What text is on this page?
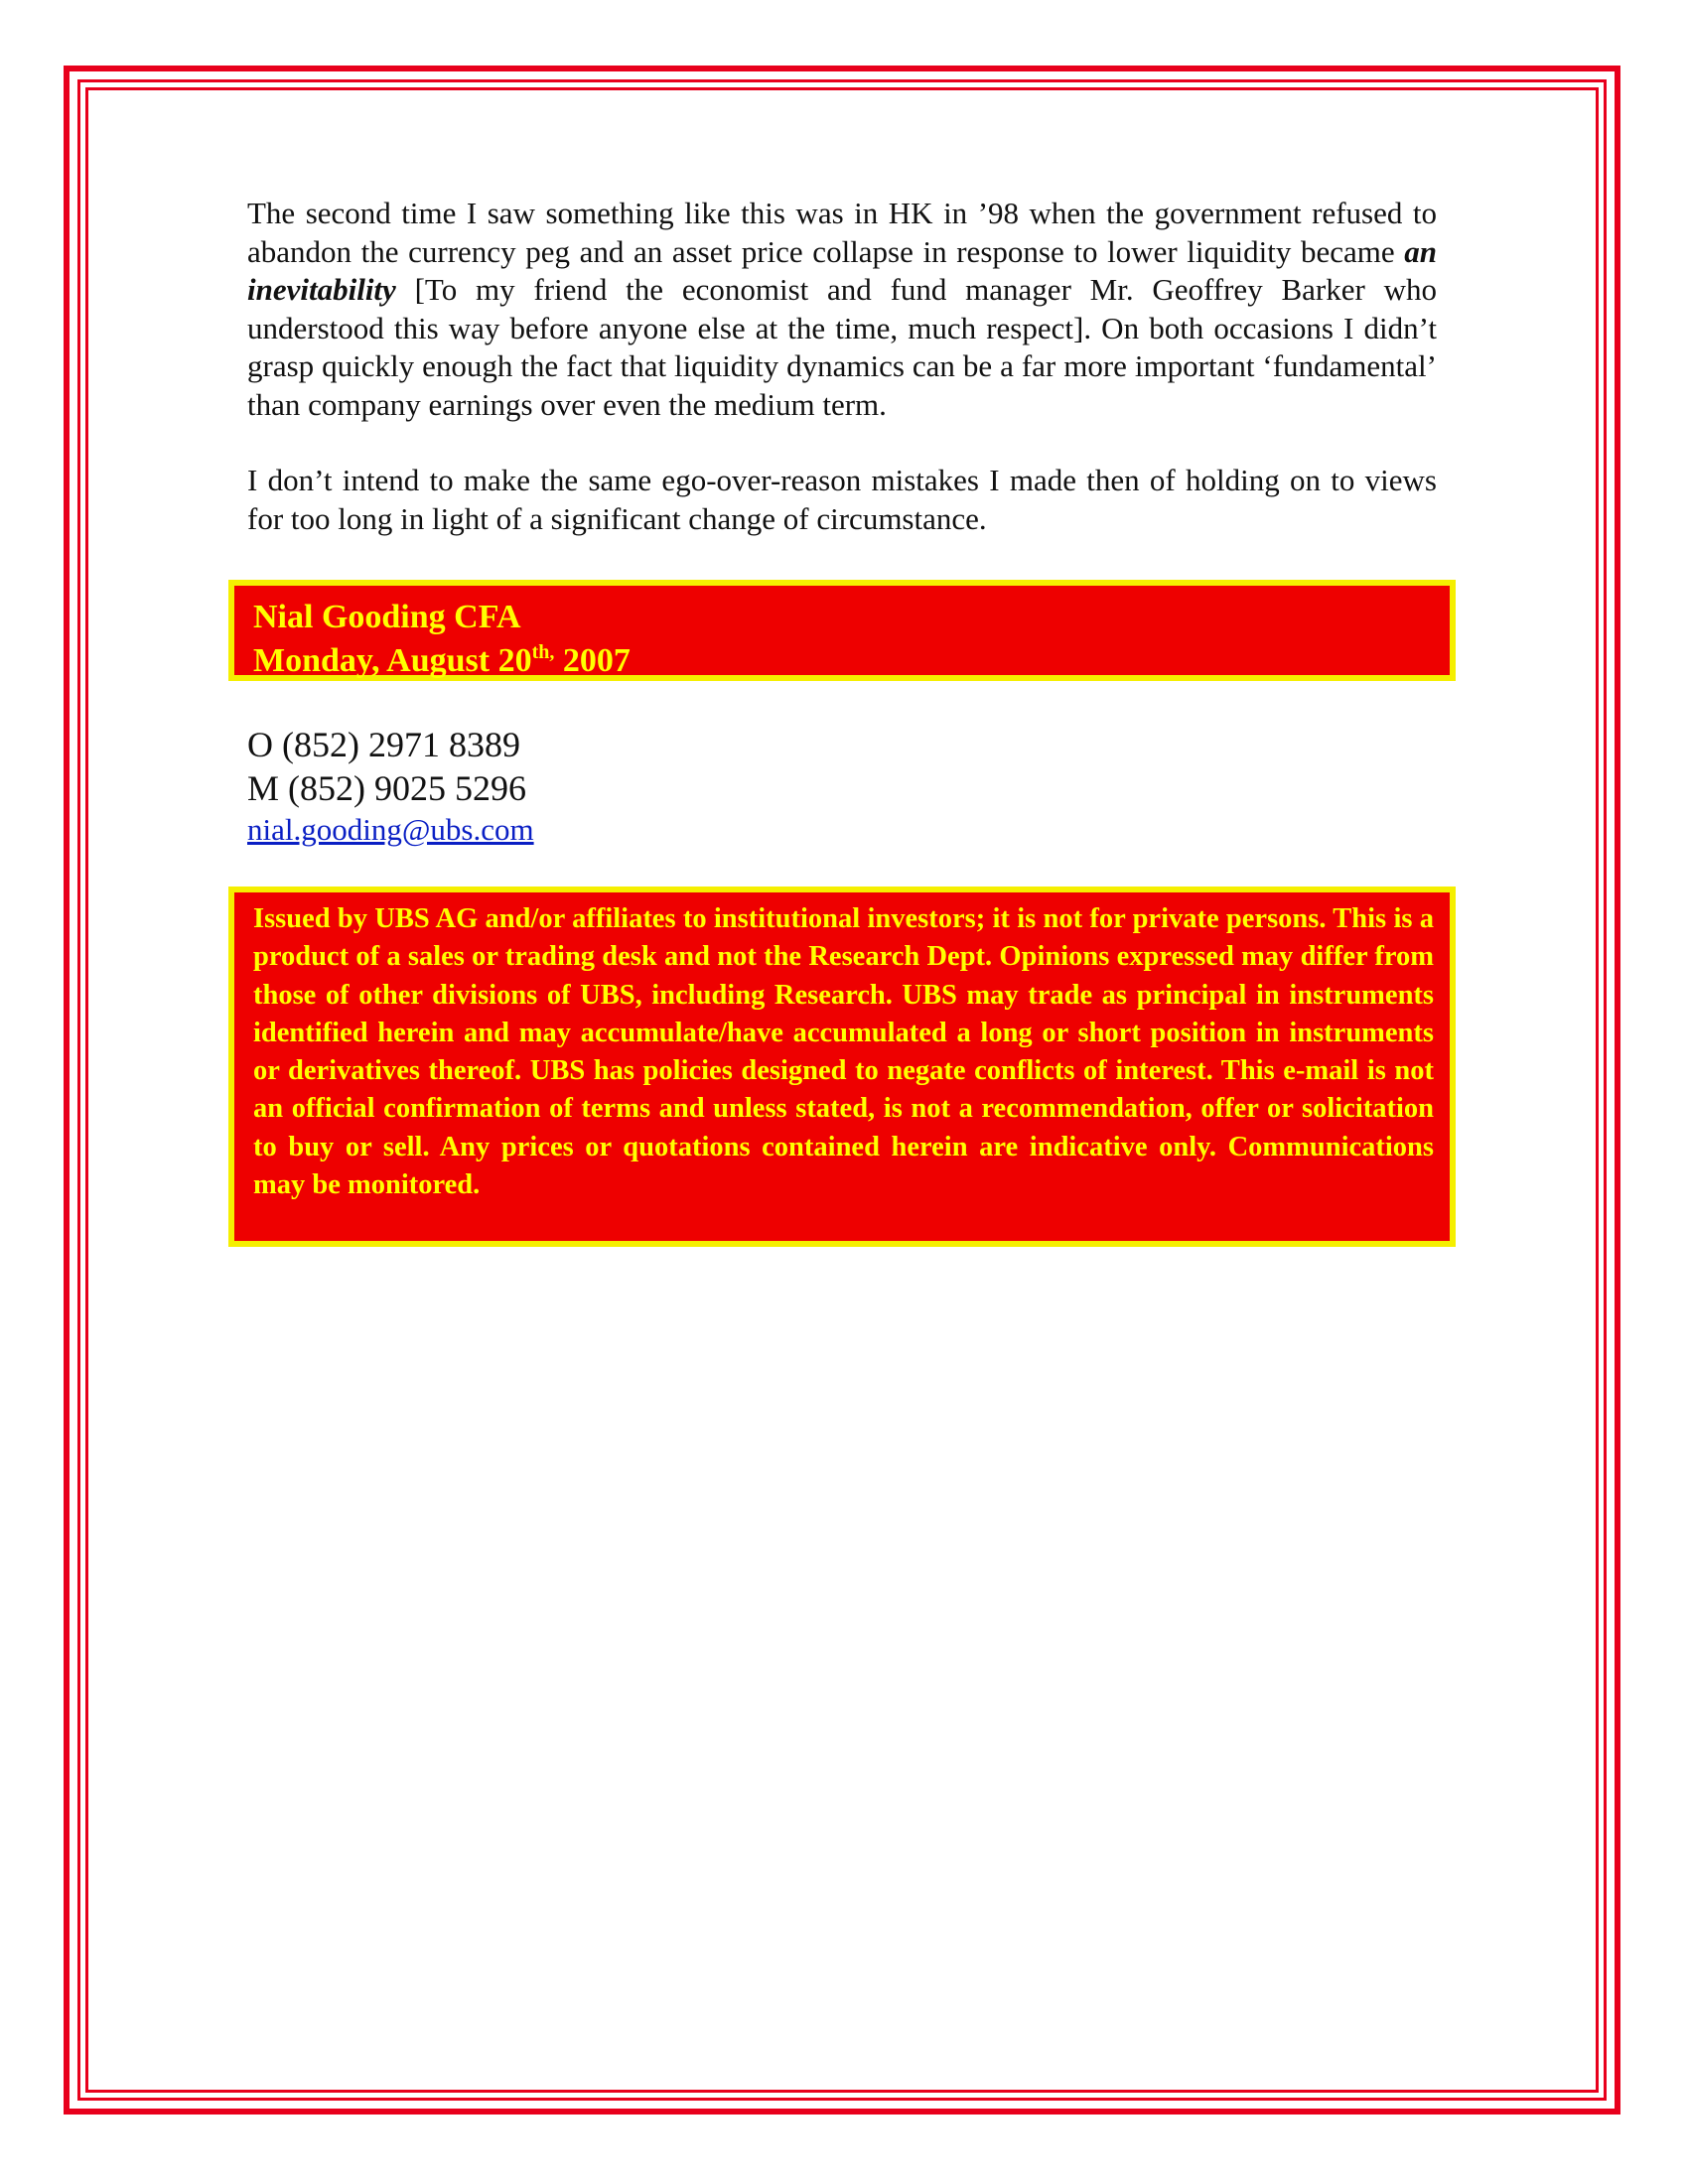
The second time I saw something like this was in HK in ’98 when the government refused to abandon the currency peg and an asset price collapse in response to lower liquidity became an inevitability [To my friend the economist and fund manager Mr. Geoffrey Barker who understood this way before anyone else at the time, much respect]. On both occasions I didn’t grasp quickly enough the fact that liquidity dynamics can be a far more important ‘fundamental’ than company earnings over even the medium term.

I don’t intend to make the same ego-over-reason mistakes I made then of holding on to views for too long in light of a significant change of circumstance.

Nial Gooding CFA
Monday, August $20^{th,}$ 2007
O (852) 2971 8389
M (852) 9025 5296
nial.gooding@ubs.com
Issued by UBS AG and/or affiliates to institutional investors; it is not for private persons. This is a product of a sales or trading desk and not the Research Dept. Opinions expressed may differ from those of other divisions of UBS, including Research. UBS may trade as principal in instruments identified herein and may accumulate/have accumulated a long or short position in instruments or derivatives thereof. UBS has policies designed to negate conflicts of interest. This e-mail is not an official confirmation of terms and unless stated, is not a recommendation, offer or solicitation to buy or sell. Any prices or quotations contained herein are indicative only. Communications may be monitored.
